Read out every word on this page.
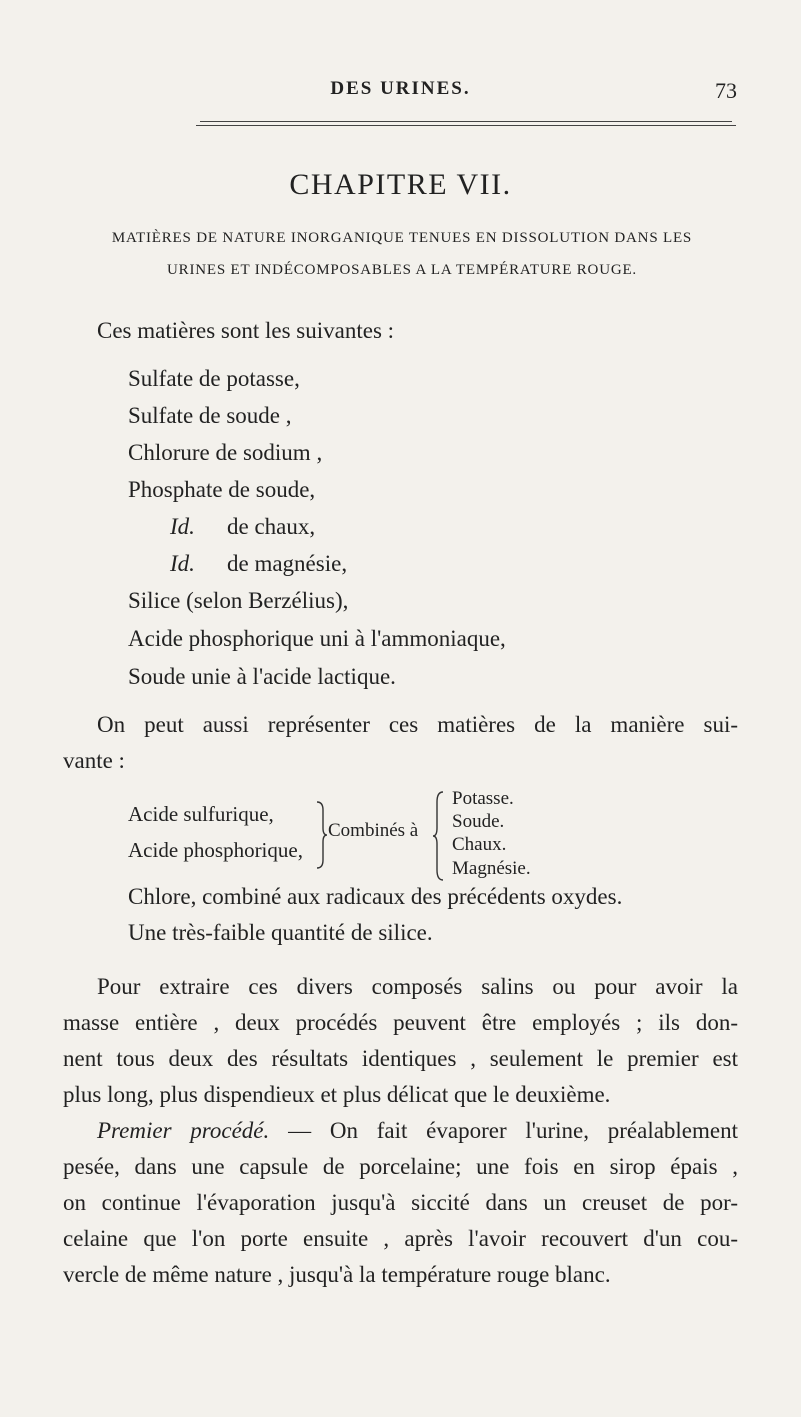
DES URINES.	73
CHAPITRE VII.
MATIÈRES DE NATURE INORGANIQUE TENUES EN DISSOLUTION DANS LES
URINES ET INDÉCOMPOSABLES A LA TEMPÉRATURE ROUGE.
Ces matières sont les suivantes :
Sulfate de potasse,
Sulfate de soude ,
Chlorure de sodium ,
Phosphate de soude,
Id. de chaux,
Id. de magnésie,
Silice (selon Berzélius),
Acide phosphorique uni à l'ammoniaque,
Soude unie à l'acide lactique.
On peut aussi représenter ces matières de la manière sui-
vante :
Acide sulfurique,
Acide phosphorique,
Combinés à
Potasse.
Soude.
Chaux.
Magnésie.
Chlore, combiné aux radicaux des précédents oxydes.
Une très-faible quantité de silice.
Pour extraire ces divers composés salins ou pour avoir la
masse entière , deux procédés peuvent être employés ; ils don-
nent tous deux des résultats identiques , seulement le premier est
plus long, plus dispendieux et plus délicat que le deuxième.
Premier procédé. — On fait évaporer l'urine, préalablement
pesée, dans une capsule de porcelaine; une fois en sirop épais ,
on continue l'évaporation jusqu'à siccité dans un creuset de por-
celaine que l'on porte ensuite , après l'avoir recouvert d'un cou-
vercle de même nature , jusqu'à la température rouge blanc.
